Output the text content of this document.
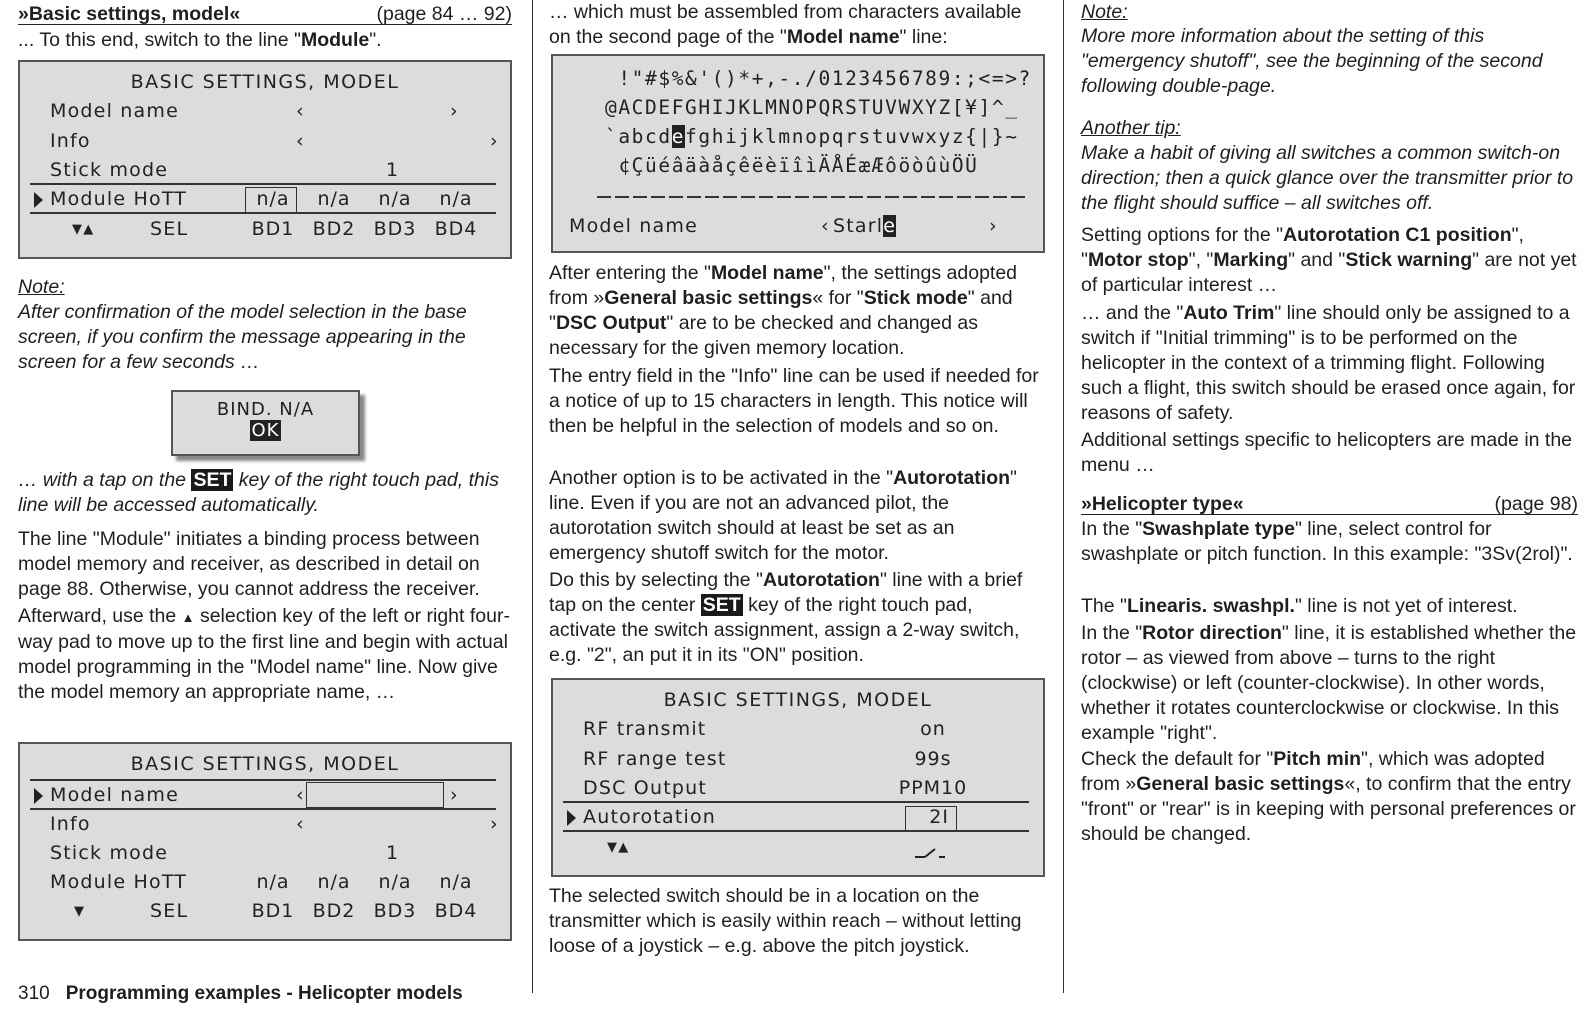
»Basic settings, model«	(page 84 … 92)

... To this end, switch to the line "Module".

BASIC SETTINGS, MODEL
Model name	‹	›
Info	‹	›
Stick mode	1
Module HoTT	n/a	n/a	n/a	n/a
▼▲	SEL	BD1 BD2 BD3 BD4

Note:

After confirmation of the model selection in the base screen, if you confirm the message appearing in the screen for a few seconds …

BIND. N/A
OK

… with a tap on the SET key of the right touch pad, this line will be accessed automatically.

The line "Module" initiates a binding process between model memory and receiver, as described in detail on page 88. Otherwise, you cannot address the receiver.

Afterward, use the ▲ selection key of the left or right four-way pad to move up to the first line and begin with actual model programming in the "Model name" line. Now give the model memory an appropriate name, …

BASIC SETTINGS, MODEL
Model name	‹	›
Info	‹	›
Stick mode	1
Module HoTT	n/a	n/a	n/a	n/a
▼	SEL	BD1 BD2 BD3 BD4

… which must be assembled from characters available on the second page of the "Model name" line:

!"#$%&'()*+,-./0123456789:;<=>?
@ACDEFGHIJKLMNOPQRSTUVWXYZ[¥]^_
`abcdefghijklmnopqrstuvwxyz{|}~
¢ÇüéâäàåçêëèïîìÄÅÉæÆôöòûùÖÜ
Model name	‹ Starle	›

After entering the "Model name", the settings adopted from »General basic settings« for "Stick mode" and "DSC Output" are to be checked and changed as necessary for the given memory location.

The entry field in the "Info" line can be used if needed for a notice of up to 15 characters in length. This notice will then be helpful in the selection of models and so on.

Another option is to be activated in the "Autorotation" line. Even if you are not an advanced pilot, the autorotation switch should at least be set as an emergency shutoff switch for the motor.

Do this by selecting the "Autorotation" line with a brief tap on the center SET key of the right touch pad, activate the switch assignment, assign a 2-way switch, e.g. "2", an put it in its "ON" position.

BASIC SETTINGS, MODEL
RF transmit	on
RF range test	99s
DSC Output	PPM10
Autorotation	2I
▼▲

The selected switch should be in a location on the transmitter which is easily within reach – without letting loose of a joystick – e.g. above the pitch joystick.

Note:

More more information about the setting of this "emergency shutoff", see the beginning of the second following double-page.

Another tip:

Make a habit of giving all switches a common switch-on direction; then a quick glance over the transmitter prior to the flight should suffice – all switches off.

Setting options for the "Autorotation C1 position", "Motor stop", "Marking" and "Stick warning" are not yet of particular interest …

… and the "Auto Trim" line should only be assigned to a switch if "Initial trimming" is to be performed on the helicopter in the context of a trimming flight. Following such a flight, this switch should be erased once again, for reasons of safety.

Additional settings specific to helicopters are made in the menu …

»Helicopter type«	(page 98)

In the "Swashplate type" line, select control for swashplate or pitch function. In this example: "3Sv(2rol)".

The "Linearis. swashpl." line is not yet of interest.

In the "Rotor direction" line, it is established whether the rotor – as viewed from above – turns to the right (clockwise) or left (counter-clockwise). In other words, whether it rotates counterclockwise or clockwise. In this example "right".

Check the default for "Pitch min", which was adopted from »General basic settings«, to confirm that the entry "front" or "rear" is in keeping with personal preferences or should be changed.

310 Programming examples - Helicopter models
